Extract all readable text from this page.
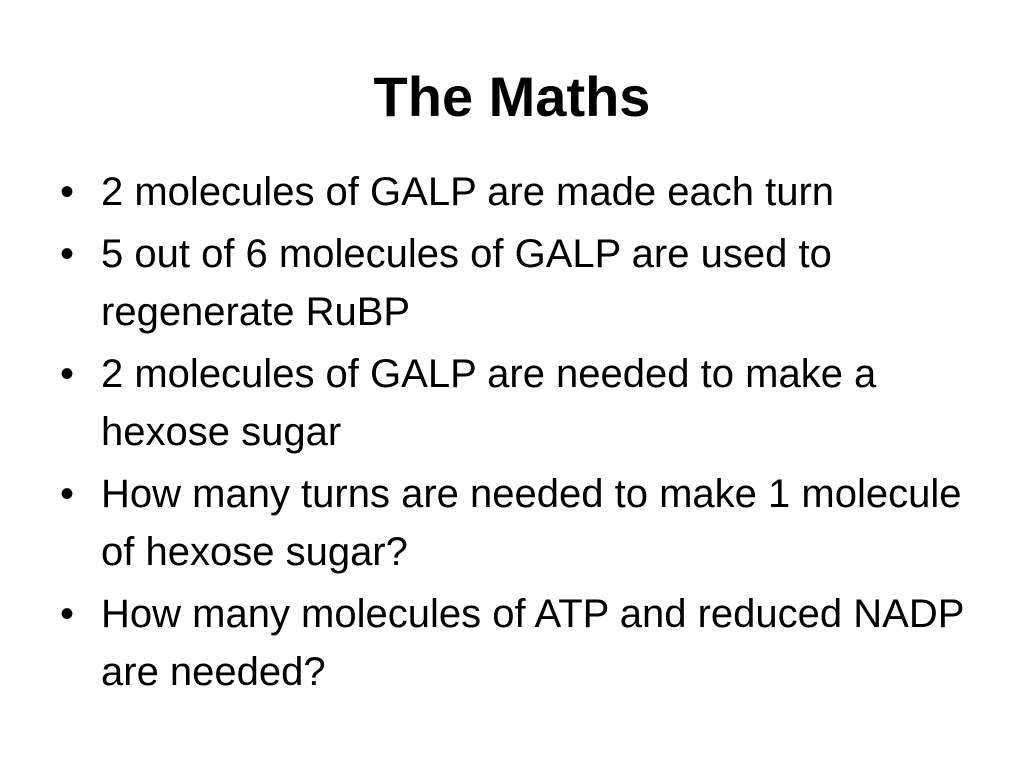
The Maths
• 2 molecules of GALP are made each turn
• 5 out of 6 molecules of GALP are used to regenerate RuBP
• 2 molecules of GALP are needed to make a hexose sugar
• How many turns are needed to make 1 molecule of hexose sugar?
• How many molecules of ATP and reduced NADP are needed?
